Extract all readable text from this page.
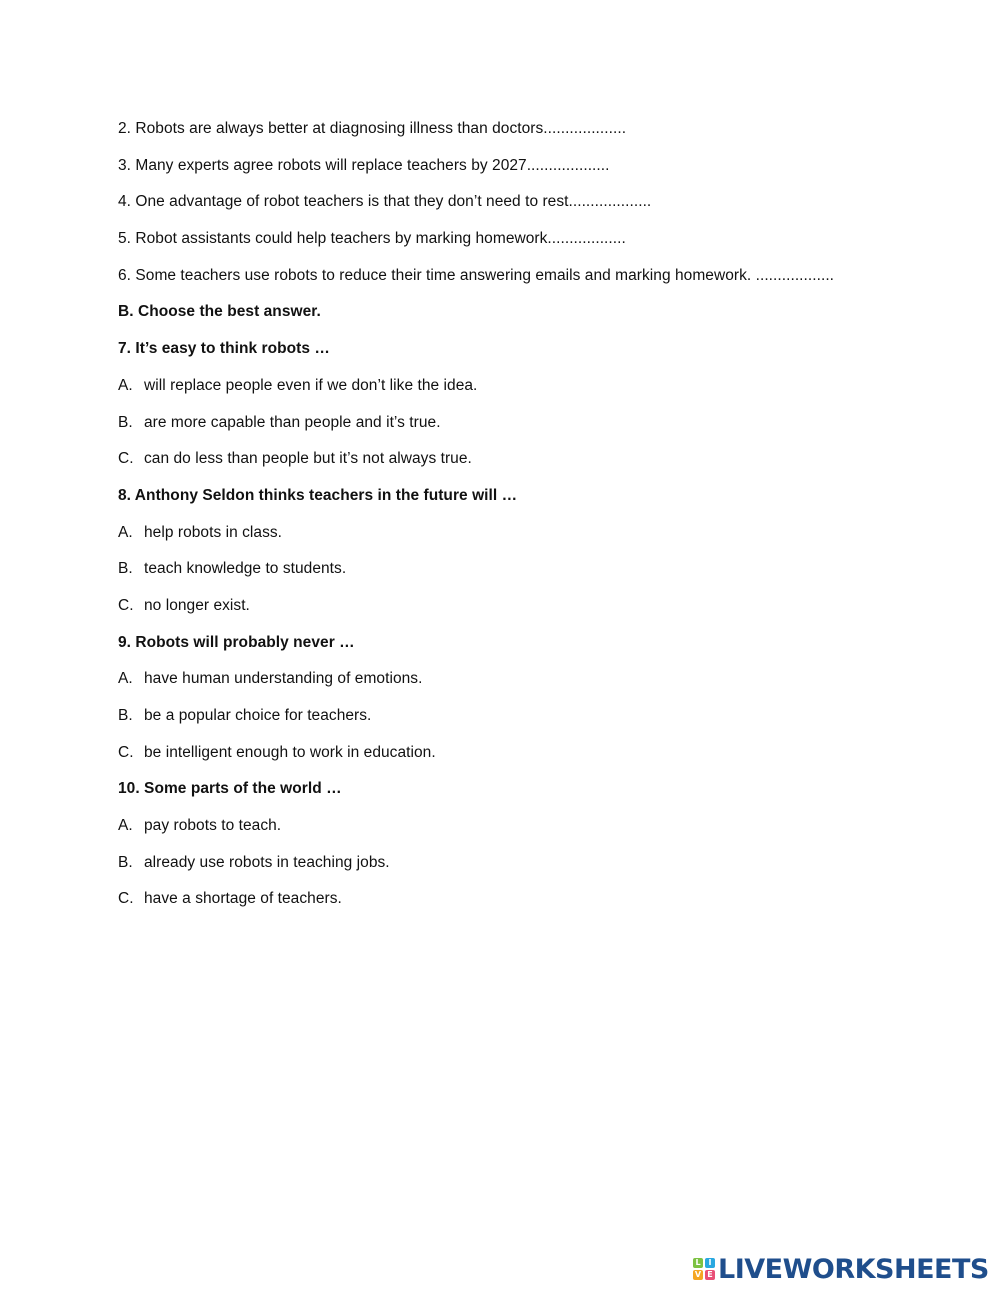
2. Robots are always better at diagnosing illness than doctors...................
3. Many experts agree robots will replace teachers by 2027...................
4. One advantage of robot teachers is that they don’t need to rest...................
5. Robot assistants could help teachers by marking homework..................
6. Some teachers use robots to reduce their time answering emails and marking homework. ..................
B. Choose the best answer.
7. It’s easy to think robots …
A. will replace people even if we don’t like the idea.
B. are more capable than people and it’s true.
C. can do less than people but it’s not always true.
8. Anthony Seldon thinks teachers in the future will …
A. help robots in class.
B. teach knowledge to students.
C. no longer exist.
9. Robots will probably never …
A. have human understanding of emotions.
B. be a popular choice for teachers.
C. be intelligent enough to work in education.
10. Some parts of the world …
A. pay robots to teach.
B. already use robots in teaching jobs.
C. have a shortage of teachers.
L I
V E LIVEWORKSHEETS
